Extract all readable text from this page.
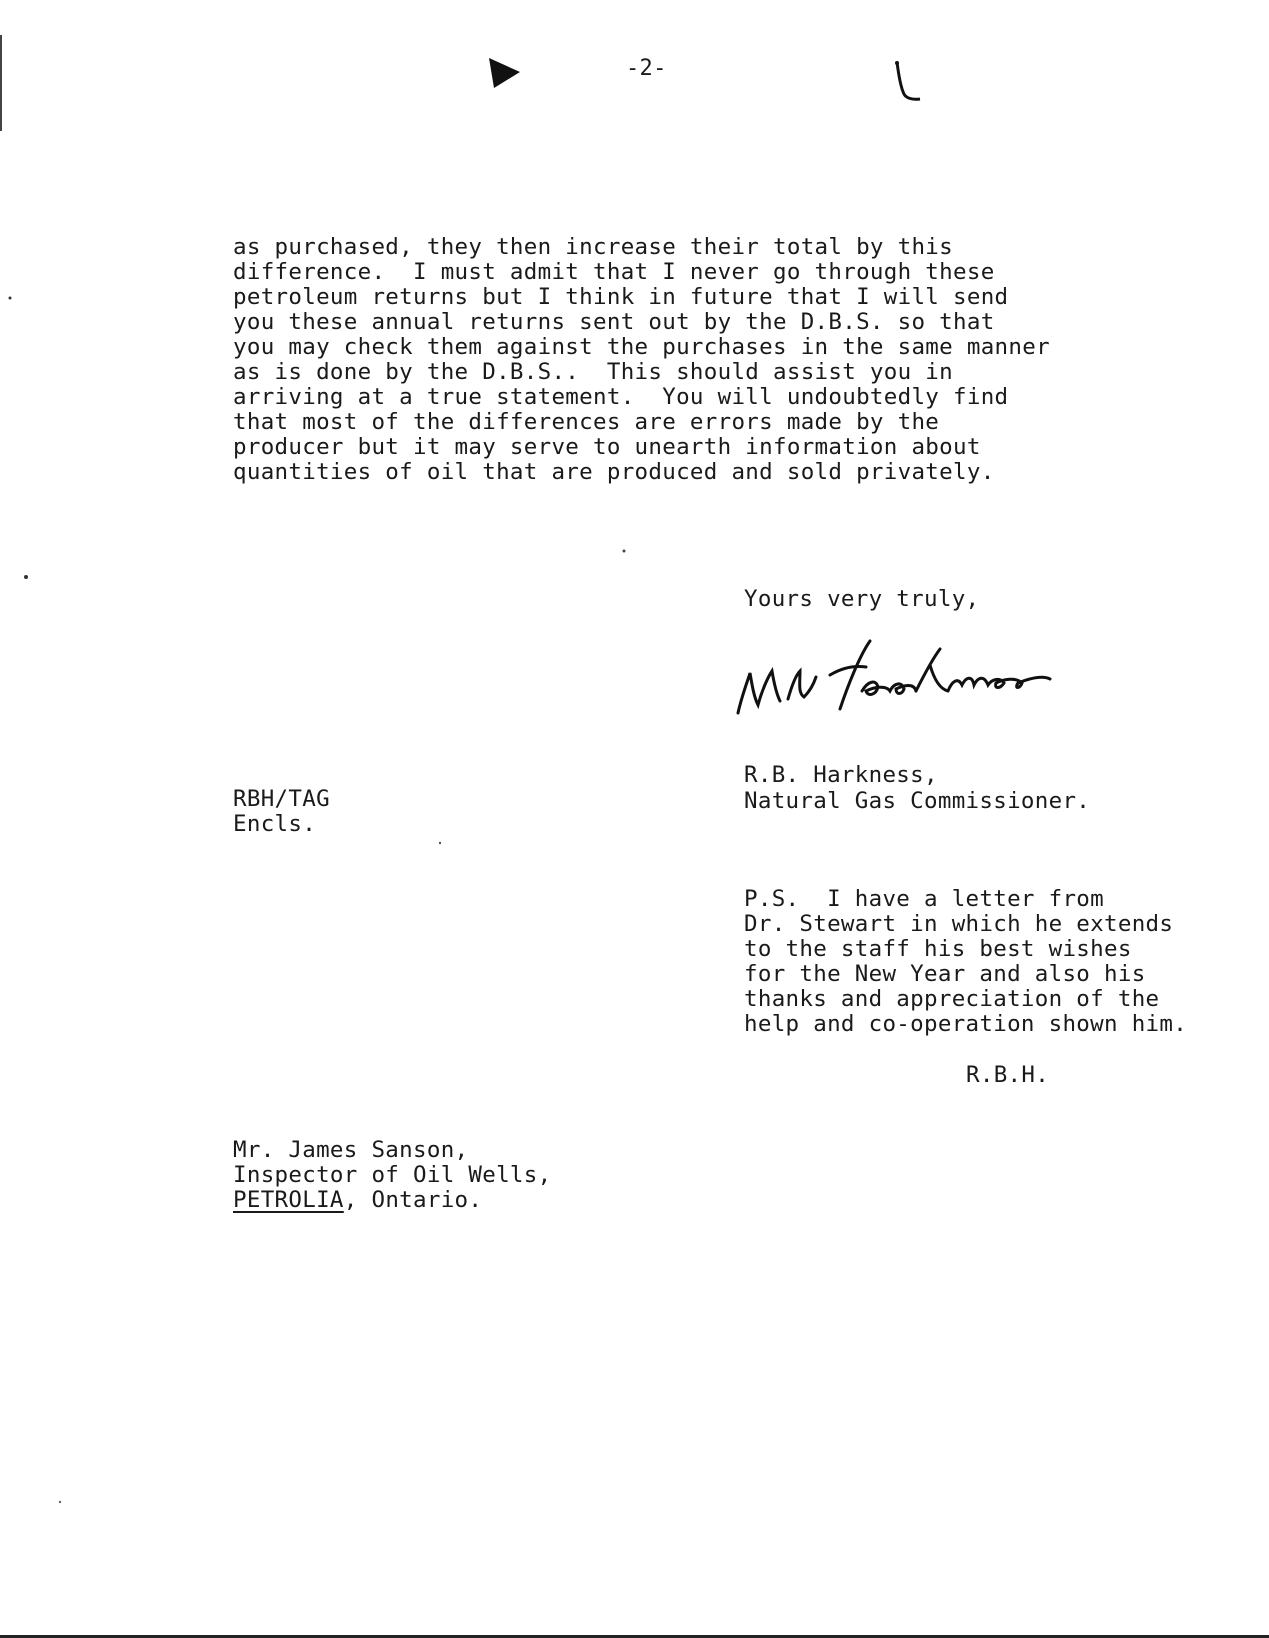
-2-
as purchased, they then increase their total by this
difference.  I must admit that I never go through these
petroleum returns but I think in future that I will send
you these annual returns sent out by the D.B.S. so that
you may check them against the purchases in the same manner
as is done by the D.B.S..  This should assist you in
arriving at a true statement.  You will undoubtedly find
that most of the differences are errors made by the
producer but it may serve to unearth information about
quantities of oil that are produced and sold privately.
Yours very truly,
R.B. Harkness,
Natural Gas Commissioner.
RBH/TAG
Encls.
P.S.  I have a letter from
Dr. Stewart in which he extends
to the staff his best wishes
for the New Year and also his
thanks and appreciation of the
help and co-operation shown him.
R.B.H.
Mr. James Sanson,
Inspector of Oil Wells,
PETROLIA, Ontario.
